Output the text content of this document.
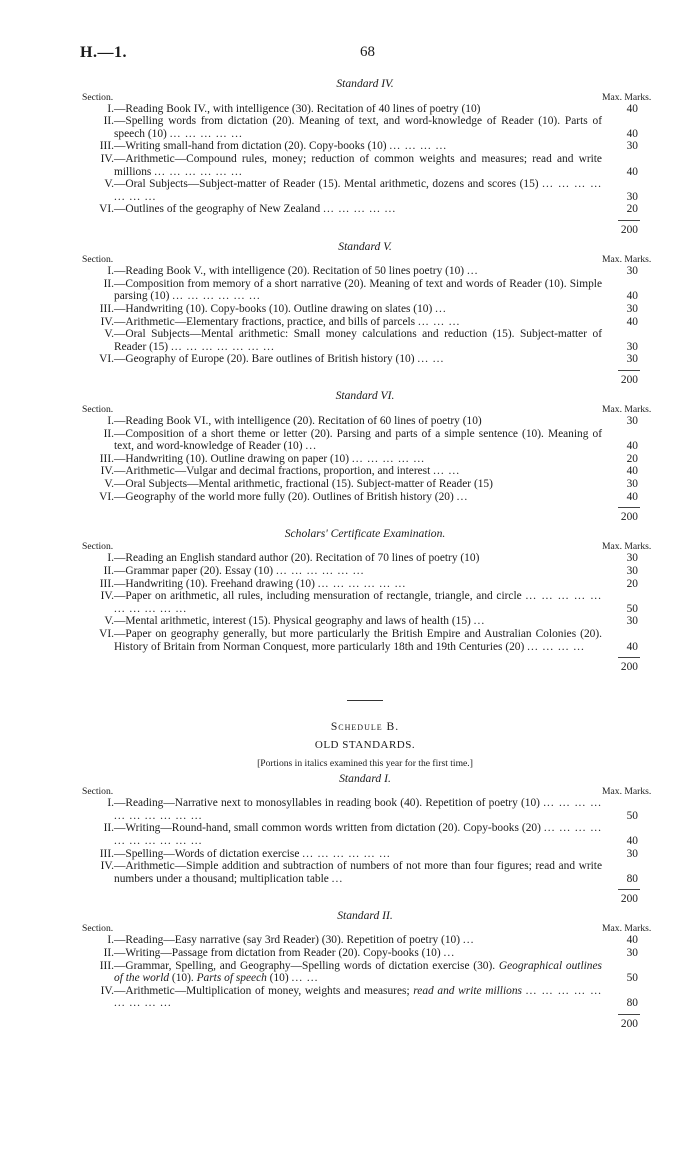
H.—1.	68
Standard IV.
Section.	Max. Marks.
I.—Reading Book IV., with intelligence (30). Recitation of 40 lines of poetry (10)	40
II.—Spelling words from dictation (20). Meaning of text, and word-knowledge of Reader (10). Parts of speech (10) ... ... ... ... ...	40
III.—Writing small-hand from dictation (20). Copy-books (10) ... ... ... ...	30
IV.—Arithmetic—Compound rules, money; reduction of common weights and measures; read and write millions ... ... ... ... ... ...	40
V.—Oral Subjects—Subject-matter of Reader (15). Mental arithmetic, dozens and scores (15) ... ... ... ... ... ... ...	30
VI.—Outlines of the geography of New Zealand ... ... ... ... ...	20
200
Standard V.
Section.	Max. Marks.
I.—Reading Book V., with intelligence (20). Recitation of 50 lines poetry (10) ...	30
II.—Composition from memory of a short narrative (20). Meaning of text and words of Reader (10). Simple parsing (10) ... ... ... ... ... ...	40
III.—Handwriting (10). Copy-books (10). Outline drawing on slates (10) ...	30
IV.—Arithmetic—Elementary fractions, practice, and bills of parcels ... ... ...	40
V.—Oral Subjects—Mental arithmetic: Small money calculations and reduction (15). Subject-matter of Reader (15) ... ... ... ... ... ... ...	30
VI.—Geography of Europe (20). Bare outlines of British history (10) ... ...	30
200
Standard VI.
Section.	Max. Marks.
I.—Reading Book VI., with intelligence (20). Recitation of 60 lines of poetry (10)	30
II.—Composition of a short theme or letter (20). Parsing and parts of a simple sentence (10). Meaning of text, and word-knowledge of Reader (10) ...	40
III.—Handwriting (10). Outline drawing on paper (10) ... ... ... ... ...	20
IV.—Arithmetic—Vulgar and decimal fractions, proportion, and interest ... ...	40
V.—Oral Subjects—Mental arithmetic, fractional (15). Subject-matter of Reader (15)	30
VI.—Geography of the world more fully (20). Outlines of British history (20) ...	40
200
Scholars' Certificate Examination.
Section.	Max. Marks.
I.—Reading an English standard author (20). Recitation of 70 lines of poetry (10)	30
II.—Grammar paper (20). Essay (10) ... ... ... ... ... ...	30
III.—Handwriting (10). Freehand drawing (10) ... ... ... ... ... ...	20
IV.—Paper on arithmetic, all rules, including mensuration of rectangle, triangle, and circle ... ... ... ... ... ... ... ... ... ...	50
V.—Mental arithmetic, interest (15). Physical geography and laws of health (15) ...	30
VI.—Paper on geography generally, but more particularly the British Empire and Australian Colonies (20). History of Britain from Norman Conquest, more particularly 18th and 19th Centuries (20) ... ... ... ...	40
200
Schedule B.
OLD STANDARDS.
[Portions in italics examined this year for the first time.]
Standard I.
Section.	Max. Marks.
I.—Reading—Narrative next to monosyllables in reading book (40). Repetition of poetry (10) ... ... ... ... ... ... ... ... ... ...	50
II.—Writing—Round-hand, small common words written from dictation (20). Copy-books (20) ... ... ... ... ... ... ... ... ... ...	40
III.—Spelling—Words of dictation exercise ... ... ... ... ... ...	30
IV.—Arithmetic—Simple addition and subtraction of numbers of not more than four figures; read and write numbers under a thousand; multiplication table ...	80
200
Standard II.
Section.	Max. Marks.
I.—Reading—Easy narrative (say 3rd Reader) (30). Repetition of poetry (10) ...	40
II.—Writing—Passage from dictation from Reader (20). Copy-books (10) ...	30
III.—Grammar, Spelling, and Geography—Spelling words of dictation exercise (30). Geographical outlines of the world (10). Parts of speech (10) ... ...	50
IV.—Arithmetic—Multiplication of money, weights and measures; read and write millions ... ... ... ... ... ... ... ... ...	80
200
